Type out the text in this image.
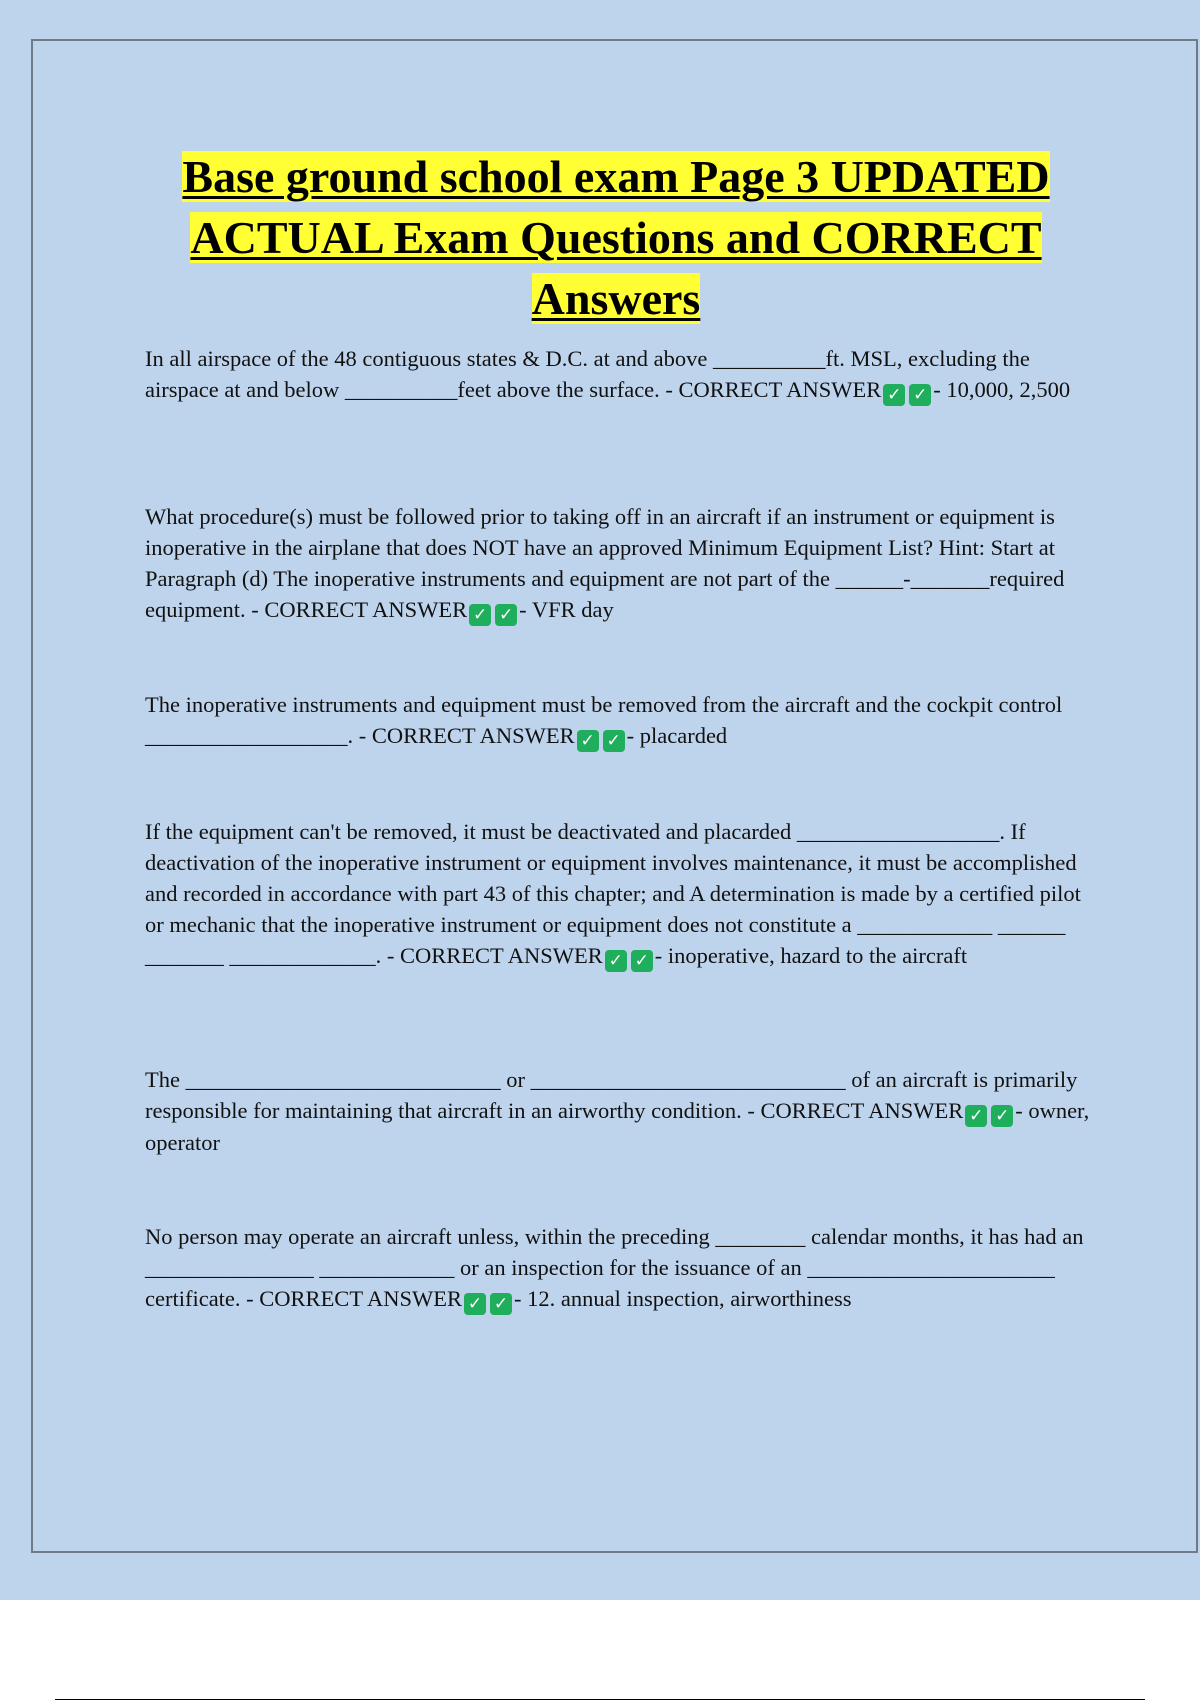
Base ground school exam Page 3 UPDATED ACTUAL Exam Questions and CORRECT Answers
In all airspace of the 48 contiguous states & D.C. at and above __________ft. MSL, excluding the airspace at and below __________feet above the surface. - CORRECT ANSWER ✓ ✓ - 10,000, 2,500
What procedure(s) must be followed prior to taking off in an aircraft if an instrument or equipment is inoperative in the airplane that does NOT have an approved Minimum Equipment List? Hint: Start at Paragraph (d) The inoperative instruments and equipment are not part of the ______-_______required equipment. - CORRECT ANSWER ✓ ✓ - VFR day
The inoperative instruments and equipment must be removed from the aircraft and the cockpit control __________________. - CORRECT ANSWER ✓ ✓ - placarded
If the equipment can't be removed, it must be deactivated and placarded __________________. If deactivation of the inoperative instrument or equipment involves maintenance, it must be accomplished and recorded in accordance with part 43 of this chapter; and A determination is made by a certified pilot or mechanic that the inoperative instrument or equipment does not constitute a ____________ ______ _______ _____________. - CORRECT ANSWER ✓ ✓ - inoperative, hazard to the aircraft
The ____________________________ or ____________________________ of an aircraft is primarily responsible for maintaining that aircraft in an airworthy condition. - CORRECT ANSWER ✓ ✓ - owner, operator
No person may operate an aircraft unless, within the preceding ________ calendar months, it has had an _______________ ____________ or an inspection for the issuance of an ______________________ certificate. - CORRECT ANSWER ✓ ✓ - 12. annual inspection, airworthiness
